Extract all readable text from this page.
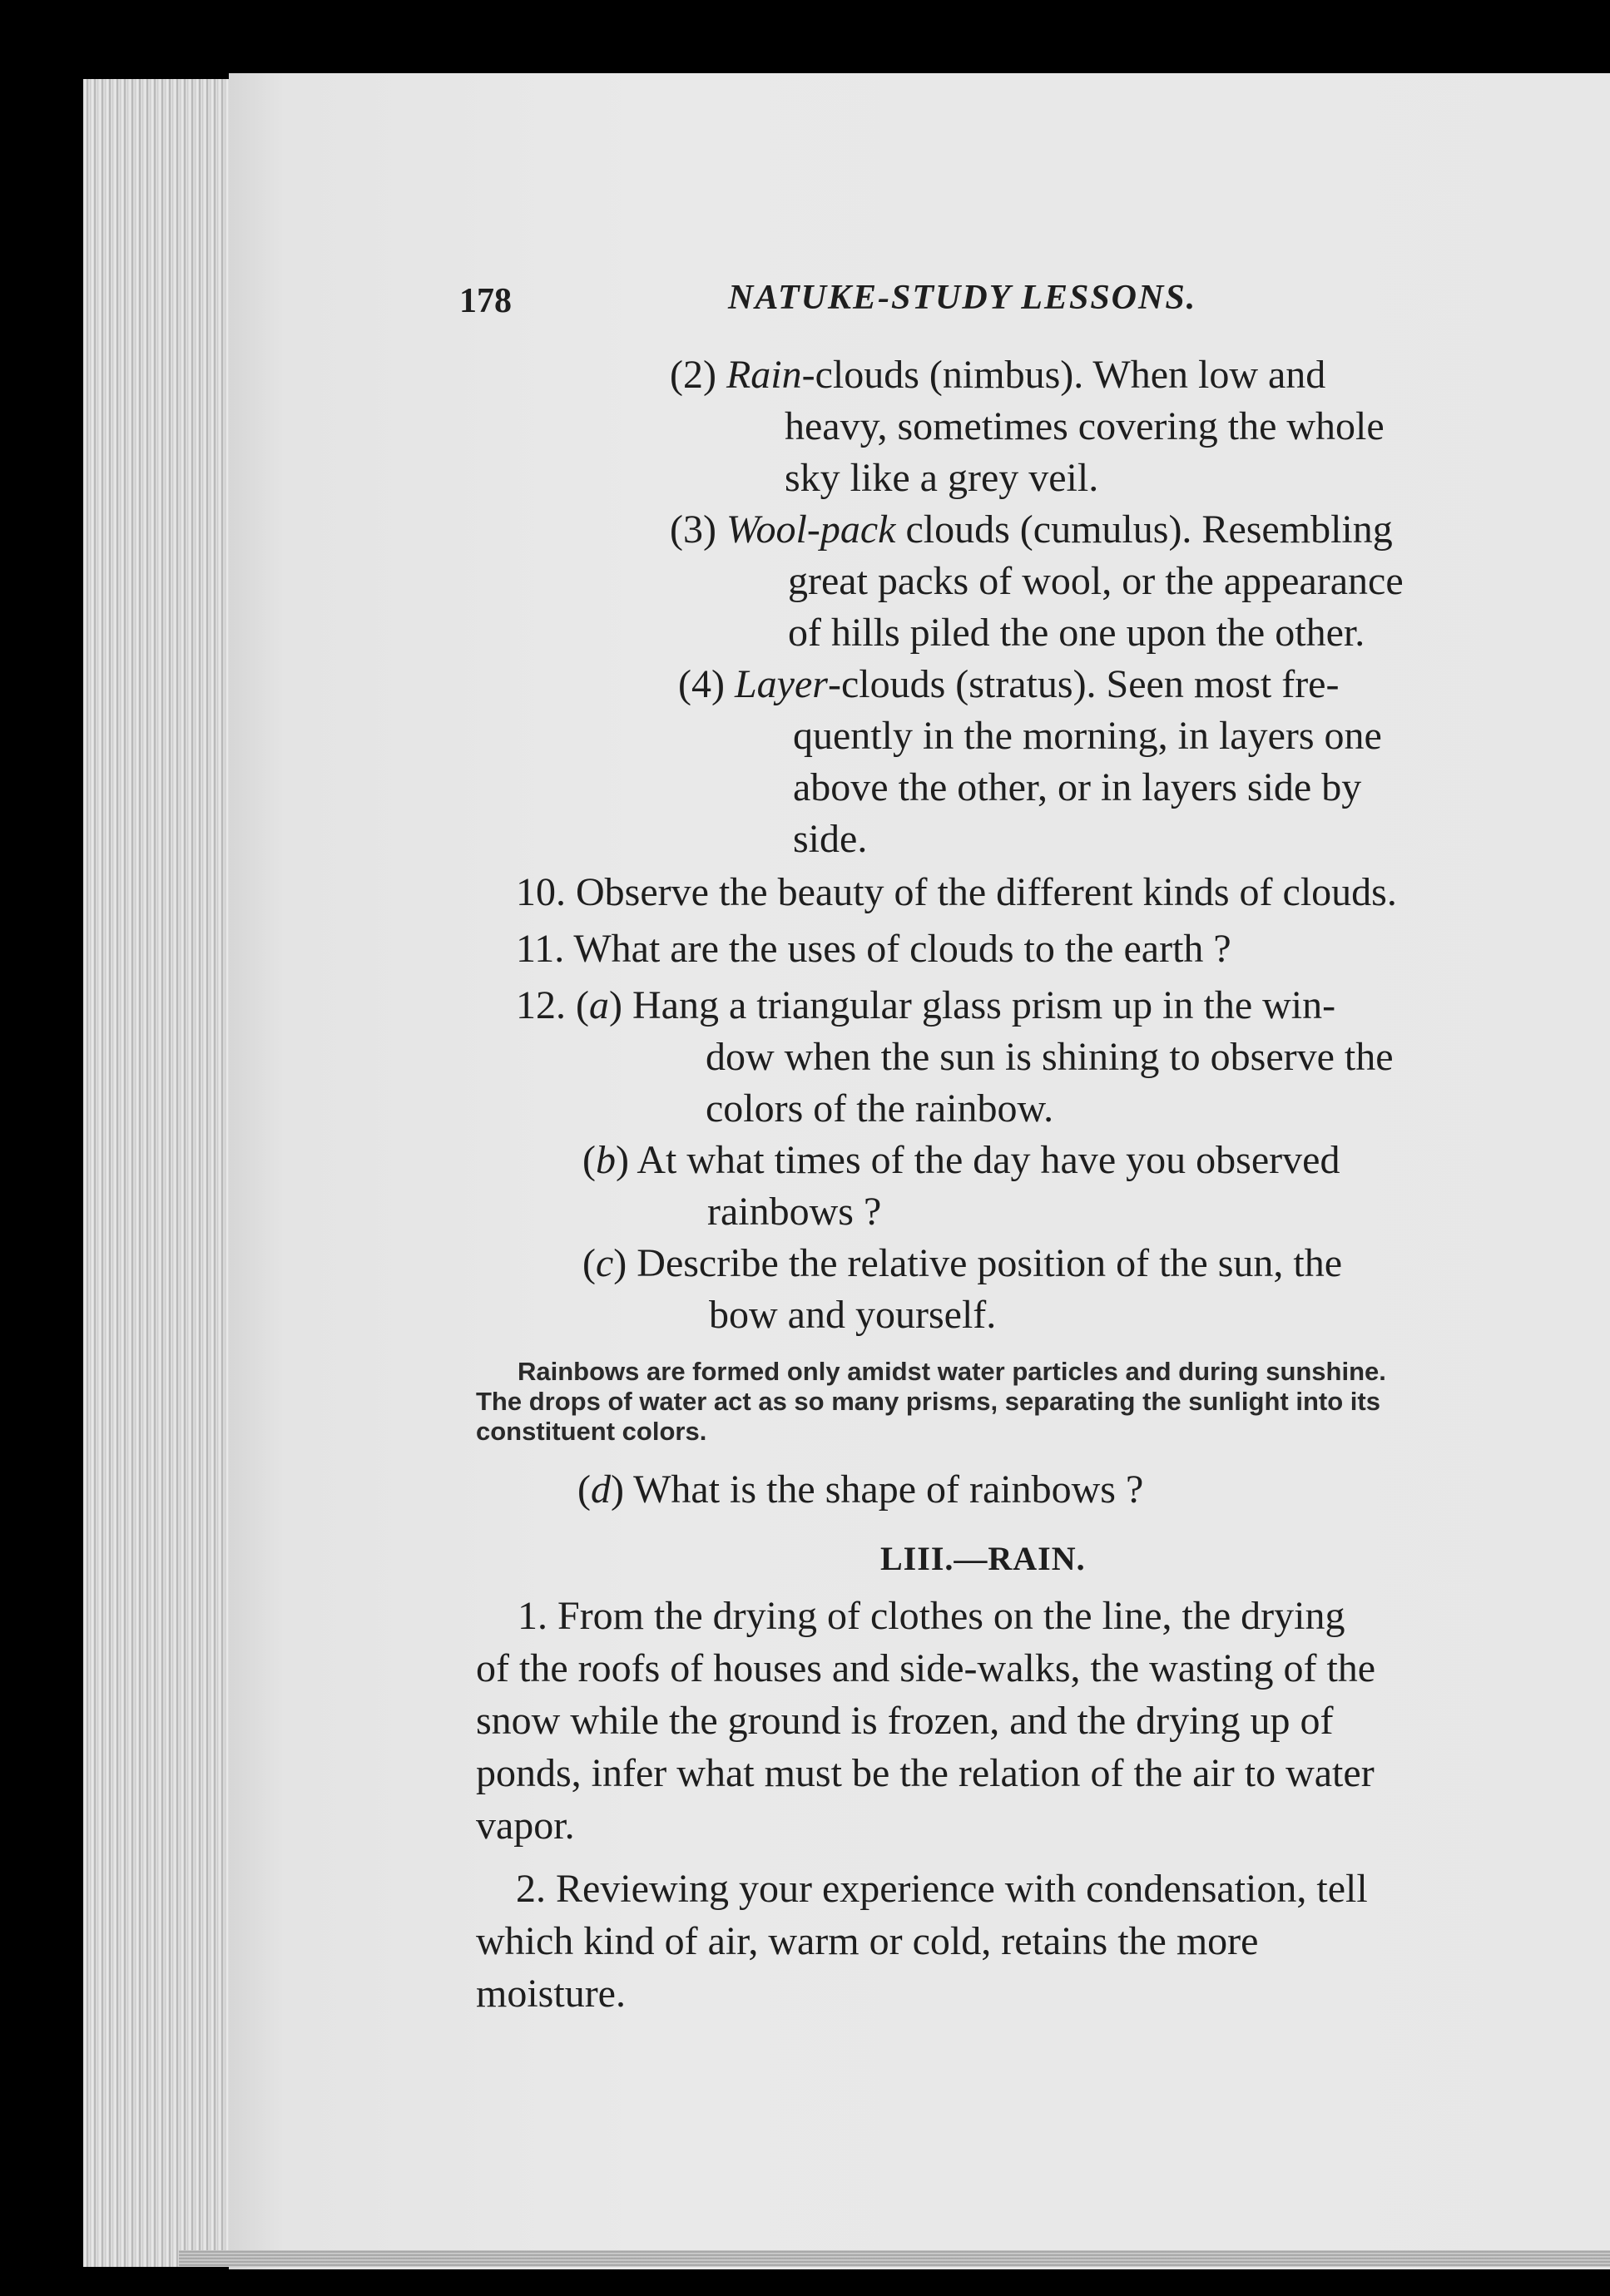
178	NATUKE-STUDY LESSONS.
(2) Rain-clouds (nimbus). When low and
heavy, sometimes covering the whole
sky like a grey veil.
(3) Wool-pack clouds (cumulus). Resembling
great packs of wool, or the appearance
of hills piled the one upon the other.
(4) Layer-clouds (stratus). Seen most fre-
quently in the morning, in layers one
above the other, or in layers side by
side.
10. Observe the beauty of the different kinds of clouds.
11. What are the uses of clouds to the earth ?
12. (a) Hang a triangular glass prism up in the win-
dow when the sun is shining to observe the
colors of the rainbow.
(b) At what times of the day have you observed
rainbows ?
(c) Describe the relative position of the sun, the
bow and yourself.
Rainbows are formed only amidst water particles and during sunshine.
The drops of water act as so many prisms, separating the sunlight into its
constituent colors.
(d) What is the shape of rainbows ?
LIII.—RAIN.
1. From the drying of clothes on the line, the drying
of the roofs of houses and side-walks, the wasting of the
snow while the ground is frozen, and the drying up of
ponds, infer what must be the relation of the air to water
vapor.
2. Reviewing your experience with condensation, tell
which kind of air, warm or cold, retains the more
moisture.
